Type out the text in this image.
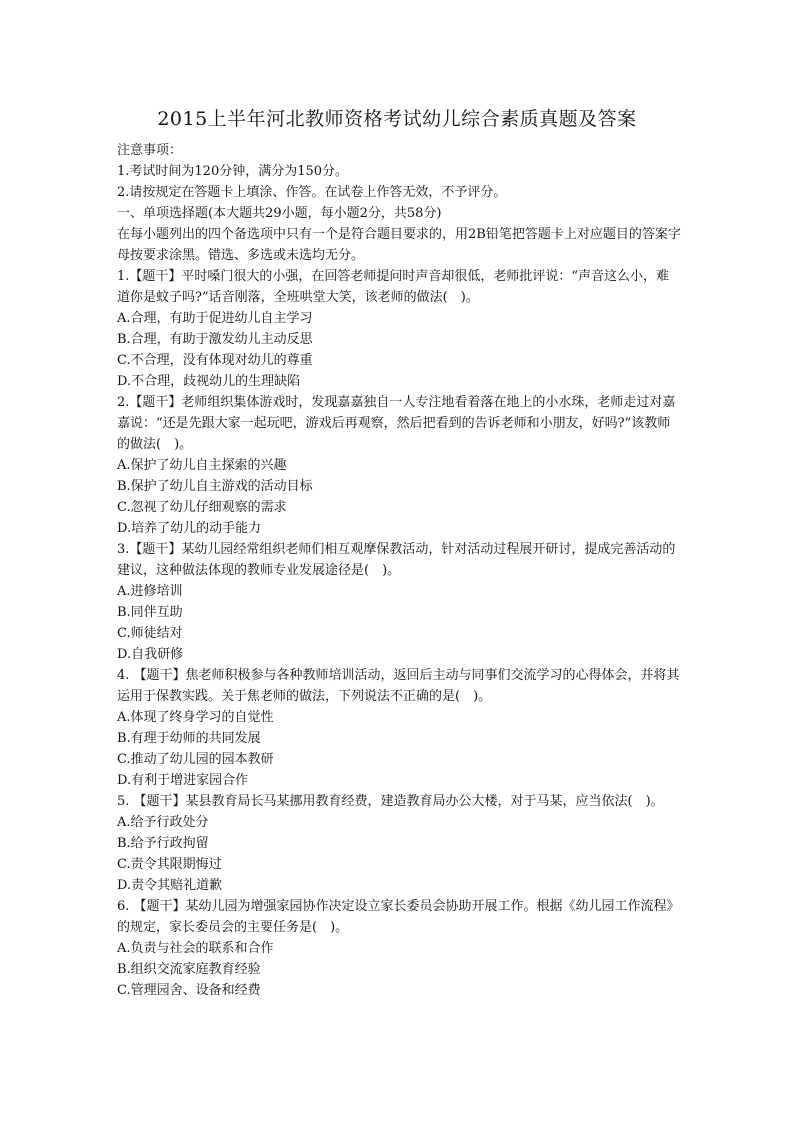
2015上半年河北教师资格考试幼儿综合素质真题及答案

注意事项：

1.考试时间为120分钟，满分为150分。

2.请按规定在答题卡上填涂、作答。在试卷上作答无效，不予评分。

一、单项选择题(本大题共29小题，每小题2分，共58分)

在每小题列出的四个备选项中只有一个是符合题目要求的，用2B铅笔把答题卡上对应题目的答案字母按要求涂黑。错选、多选或未选均无分。

1.【题干】平时嗓门很大的小强，在回答老师提问时声音却很低，老师批评说：“声音这么小，难道你是蚊子吗?”话音刚落，全班哄堂大笑，该老师的做法(　)。

A.合理，有助于促进幼儿自主学习
B.合理，有助于激发幼儿主动反思
C.不合理，没有体现对幼儿的尊重
D.不合理，歧视幼儿的生理缺陷

2.【题干】老师组织集体游戏时，发现嘉嘉独自一人专注地看着落在地上的小水珠，老师走过对嘉嘉说：“还是先跟大家一起玩吧，游戏后再观察，然后把看到的告诉老师和小朋友，好吗?”该教师的做法(　)。

A.保护了幼儿自主探索的兴趣
B.保护了幼儿自主游戏的活动目标
C.忽视了幼儿仔细观察的需求
D.培养了幼儿的动手能力

3.【题干】某幼儿园经常组织老师们相互观摩保教活动，针对活动过程展开研讨，提成完善活动的建议，这种做法体现的教师专业发展途径是(　)。

A.进修培训
B.同伴互助
C.师徒结对
D.自我研修

4. 【题干】焦老师积极参与各种教师培训活动，返回后主动与同事们交流学习的心得体会，并将其运用于保教实践。关于焦老师的做法，下列说法不正确的是(　)。

A.体现了终身学习的自觉性
B.有理于幼师的共同发展
C.推动了幼儿园的园本教研
D.有利于增进家园合作

5. 【题干】某县教育局长马某挪用教育经费，建造教育局办公大楼，对于马某，应当依法(　)。

A.给予行政处分
B.给予行政拘留
C.责令其限期悔过
D.责令其赔礼道歉

6. 【题干】某幼儿园为增强家园协作决定设立家长委员会协助开展工作。根据《幼儿园工作流程》的规定，家长委员会的主要任务是(　)。

A.负责与社会的联系和合作
B.组织交流家庭教育经验
C.管理园舍、设备和经费
